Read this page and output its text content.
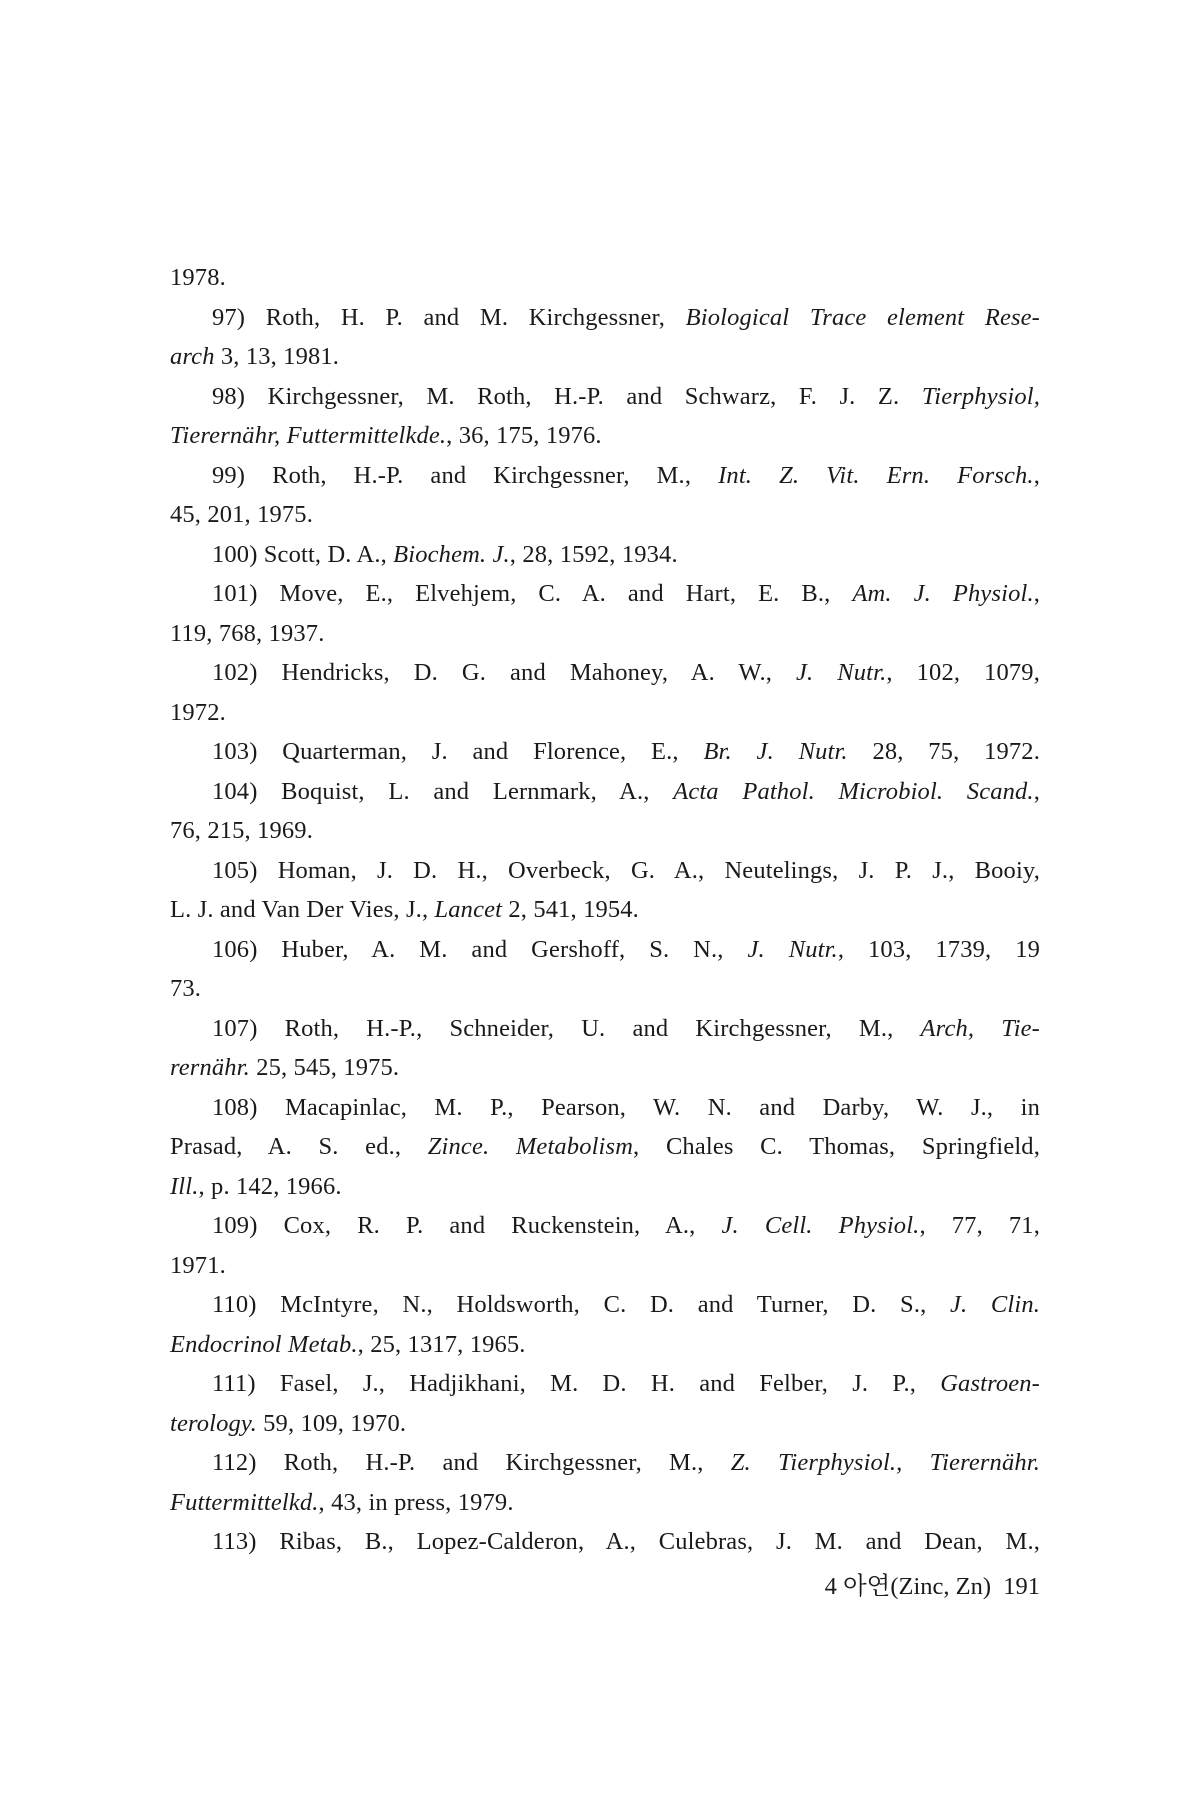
1978.
97) Roth, H. P. and M. Kirchgessner, Biological Trace element Rese-
arch 3, 13, 1981.
98) Kirchgessner, M. Roth, H.-P. and Schwarz, F. J. Z. Tierphysiol,
Tierernähr, Futtermittelkde., 36, 175, 1976.
99) Roth, H.-P. and Kirchgessner, M., Int. Z. Vit. Ern. Forsch.,
45, 201, 1975.
100) Scott, D. A., Biochem. J., 28, 1592, 1934.
101) Move, E., Elvehjem, C. A. and Hart, E. B., Am. J. Physiol.,
119, 768, 1937.
102) Hendricks, D. G. and Mahoney, A. W., J. Nutr., 102, 1079,
1972.
103) Quarterman, J. and Florence, E., Br. J. Nutr. 28, 75, 1972.
104) Boquist, L. and Lernmark, A., Acta Pathol. Microbiol. Scand.,
76, 215, 1969.
105) Homan, J. D. H., Overbeck, G. A., Neutelings, J. P. J., Booiy,
L. J. and Van Der Vies, J., Lancet 2, 541, 1954.
106) Huber, A. M. and Gershoff, S. N., J. Nutr., 103, 1739, 19
73.
107) Roth, H.-P., Schneider, U. and Kirchgessner, M., Arch, Tie-
rernähr. 25, 545, 1975.
108) Macapinlac, M. P., Pearson, W. N. and Darby, W. J., in
Prasad, A. S. ed., Zince. Metabolism, Chales C. Thomas, Springfield,
Ill., p. 142, 1966.
109) Cox, R. P. and Ruckenstein, A., J. Cell. Physiol., 77, 71,
1971.
110) McIntyre, N., Holdsworth, C. D. and Turner, D. S., J. Clin.
Endocrinol Metab., 25, 1317, 1965.
111) Fasel, J., Hadjikhani, M. D. H. and Felber, J. P., Gastroen-
terology. 59, 109, 1970.
112) Roth, H.-P. and Kirchgessner, M., Z. Tierphysiol., Tierernähr.
Futtermittelkd., 43, in press, 1979.
113) Ribas, B., Lopez-Calderon, A., Culebras, J. M. and Dean, M.,
4 아연(Zinc, Zn) 191
